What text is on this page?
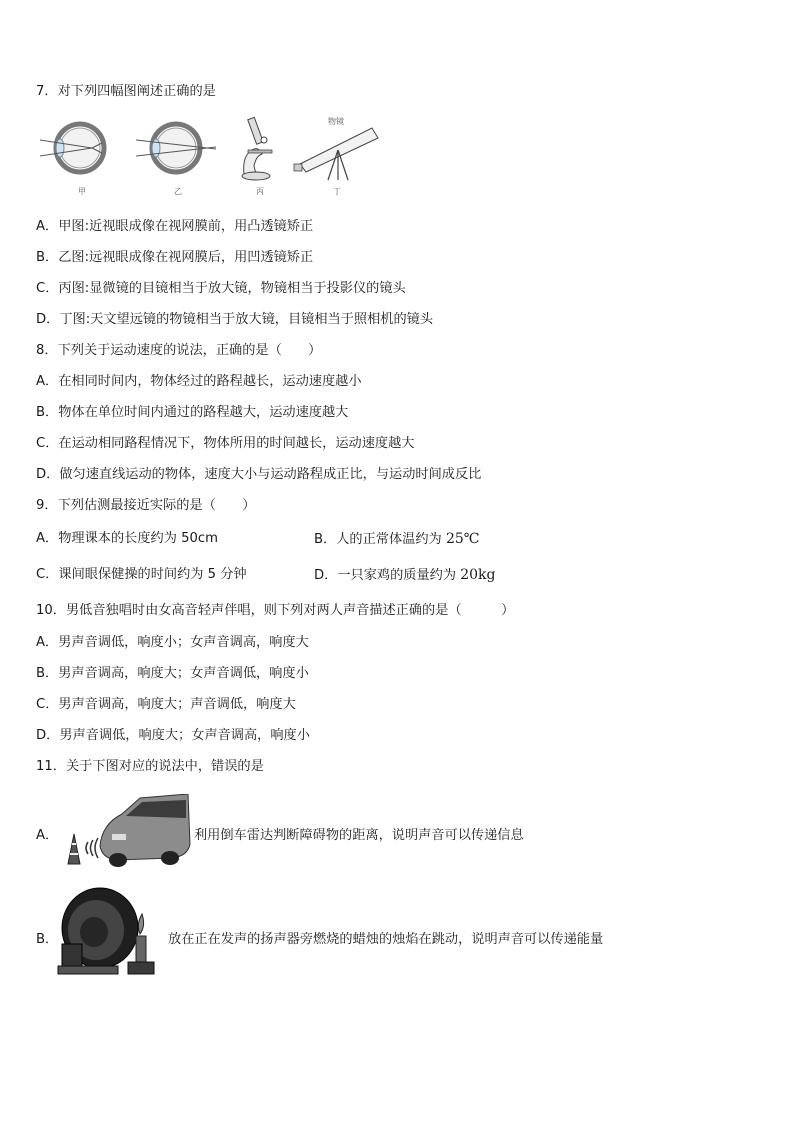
7．对下列四幅图阐述正确的是
甲	乙	丙
物镜
丁
A．甲图:近视眼成像在视网膜前，用凸透镜矫正
B．乙图:远视眼成像在视网膜后，用凹透镜矫正
C．丙图:显微镜的目镜相当于放大镜，物镜相当于投影仪的镜头
D．丁图:天文望远镜的物镜相当于放大镜，目镜相当于照相机的镜头
8．下列关于运动速度的说法，正确的是（　　）
A．在相同时间内，物体经过的路程越长，运动速度越小
B．物体在单位时间内通过的路程越大，运动速度越大
C．在运动相同路程情况下，物体所用的时间越长，运动速度越大
D．做匀速直线运动的物体，速度大小与运动路程成正比，与运动时间成反比
9．下列估测最接近实际的是（　　）
A．物理课本的长度约为 50cm	B．人的正常体温约为 25℃
C．课间眼保健操的时间约为 5 分钟	D．一只家鸡的质量约为 20kg
10．男低音独唱时由女高音轻声伴唱，则下列对两人声音描述正确的是（　　　）
A．男声音调低，响度小；女声音调高，响度大
B．男声音调高，响度大；女声音调低，响度小
C．男声音调高，响度大；声音调低，响度大
D．男声音调低，响度大；女声音调高，响度小
11．关于下图对应的说法中，错误的是
A．	利用倒车雷达判断障碍物的距离，说明声音可以传递信息
B．	放在正在发声的扬声器旁燃烧的蜡烛的烛焰在跳动，说明声音可以传递能量
